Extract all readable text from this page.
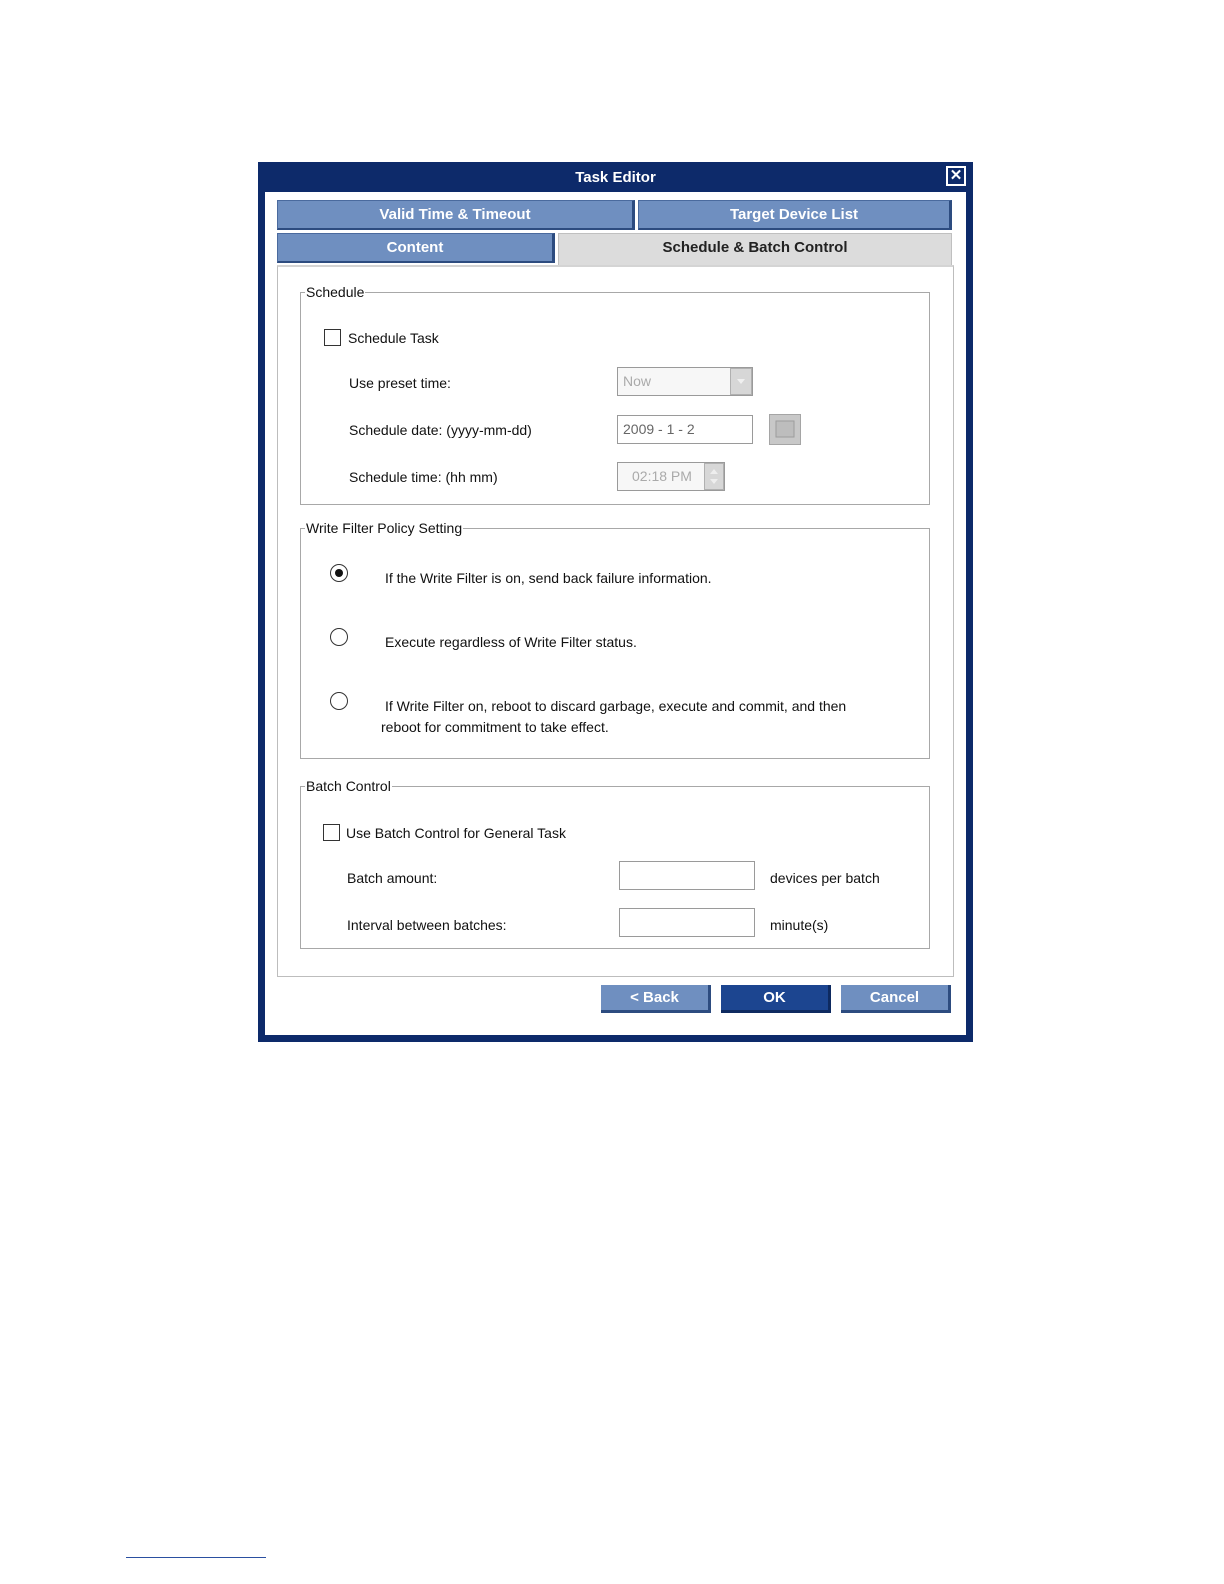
Task Editor	✕
Valid Time & Timeout	Target Device List
Content	Schedule & Batch Control
Schedule
Schedule Task
Use preset time:	Now
Schedule date: (yyyy-mm-dd)	2009 - 1 - 2
Schedule time: (hh mm)	02:18 PM
Write Filter Policy Setting
If the Write Filter is on, send back failure information.
Execute regardless of Write Filter status.
If Write Filter on, reboot to discard garbage, execute and commit, and then
reboot for commitment to take effect.
Batch Control
Use Batch Control for General Task
Batch amount:	devices per batch
Interval between batches:	minute(s)
< Back	OK	Cancel
